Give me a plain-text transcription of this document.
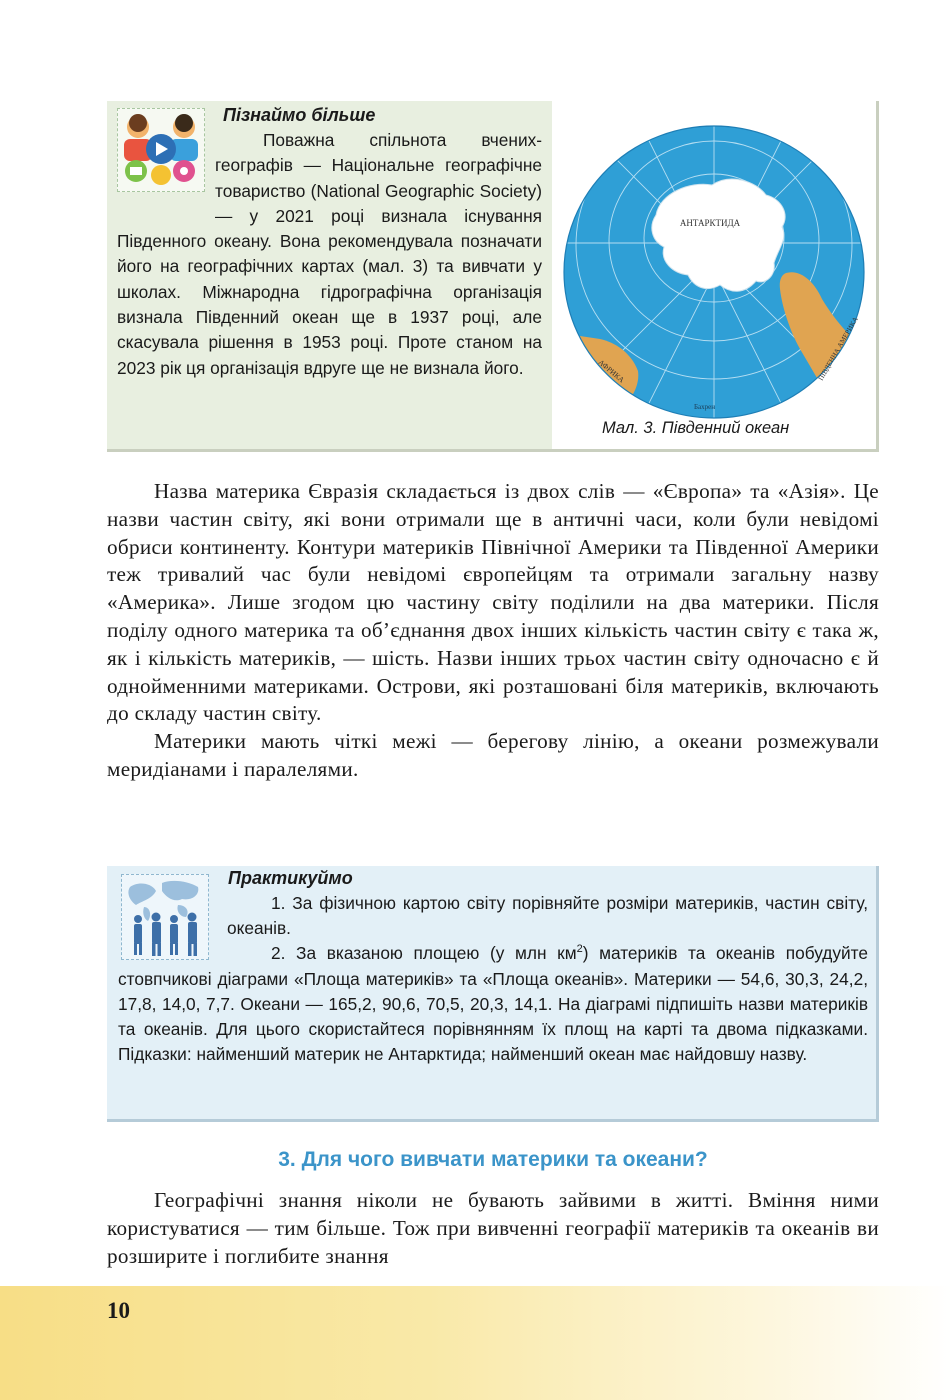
Пізнаймо більше

Поважна спільнота вчених-географів — Національне географічне товариство (National Geographic Society) — у 2021 році визнала існування Південного океану. Вона рекомендувала позначати його на географічних картах (мал. 3) та вивчати у школах. Міжнародна гідрографічна організація визнала Південний океан ще в 1937 році, але скасувала рішення в 1953 році. Проте станом на 2023 рік ця організація вдруге ще не визнала його.

АНТАРКТИДА
АФРИКА	ПІВДЕННА АМЕРИКА
Бахрен
Мал. 3. Південний океан

Назва материка Євразія складається із двох слів — «Європа» та «Азія». Це назви частин світу, які вони отримали ще в античні часи, коли були невідомі обриси континенту. Контури материків Північної Америки та Південної Америки теж тривалий час були невідомі європейцям та отримали загальну назву «Америка». Лише згодом цю частину світу поділили на два материки. Після поділу одного материка та об’єднання двох інших кількість частин світу є така ж, як і кількість материків, — шість. Назви інших трьох частин світу одночасно є й однойменними материками. Острови, які розташовані біля материків, включають до складу частин світу.

Материки мають чіткі межі — берегову лінію, а океани розмежували меридіанами і паралелями.

Практикуймо

1. За фізичною картою світу порівняйте розміри материків, частин світу, океанів.
2. За вказаною площею (у млн $км^2$) материків та океанів побудуйте стовпчикові діаграми «Площа материків» та «Площа океанів». Материки — 54,6, 30,3, 24,2, 17,8, 14,0, 7,7. Океани — 165,2, 90,6, 70,5, 20,3, 14,1. На діаграмі підпишіть назви материків та океанів. Для цього скористайтеся порівнянням їх площ на карті та двома підказками. Підказки: найменший материк не Антарктида; найменший океан має найдовшу назву.

3. Для чого вивчати материки та океани?

Географічні знання ніколи не бувають зайвими в житті. Вміння ними користуватися — тим більше. Тож при вивченні географії материків та океанів ви розширите і поглибите знання

10
